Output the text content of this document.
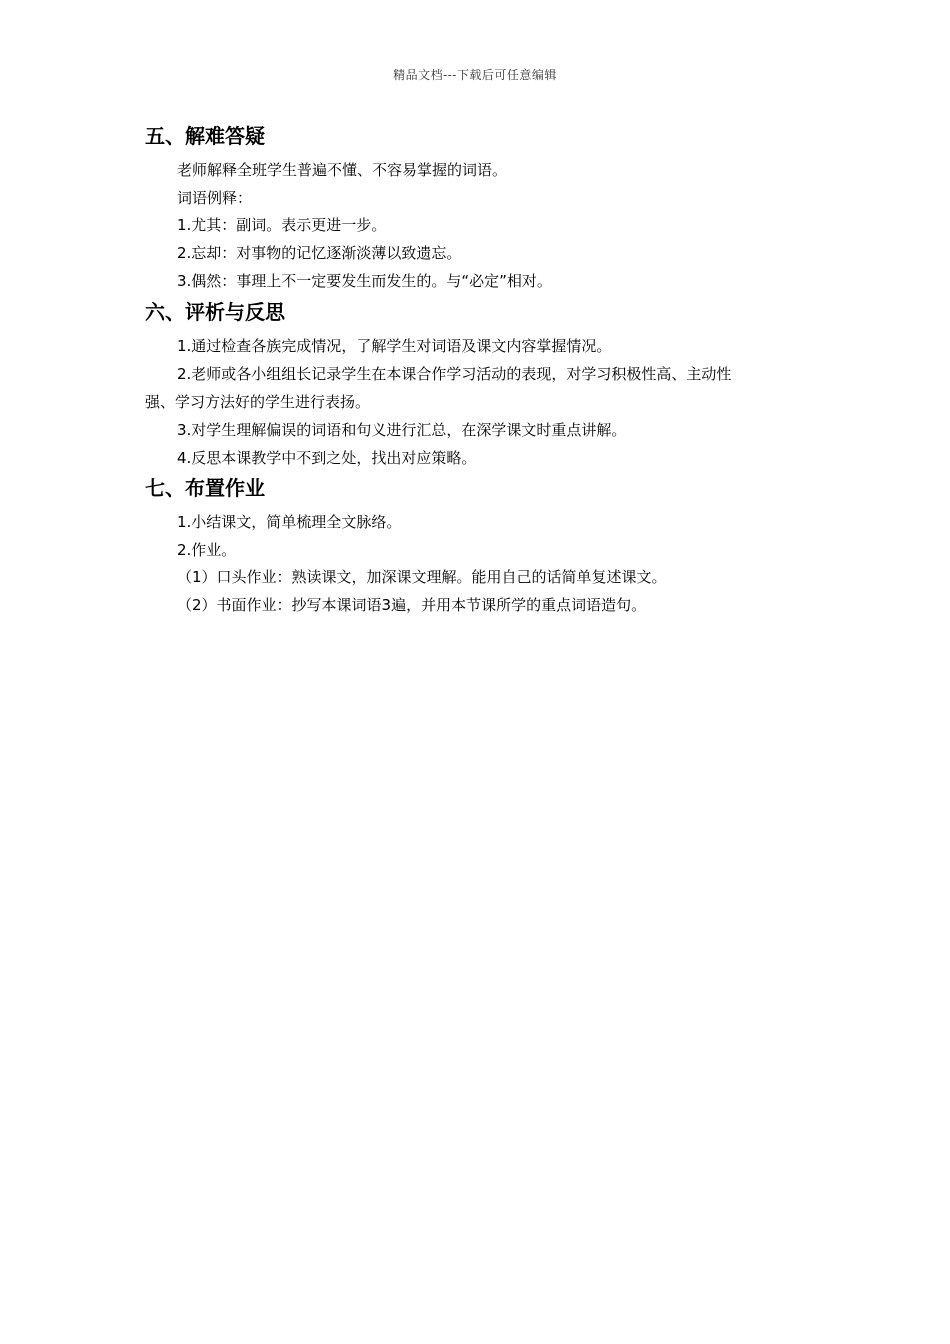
精品文档---下载后可任意编辑
五、解难答疑
老师解释全班学生普遍不懂、不容易掌握的词语。
词语例释：
1.尤其：副词。表示更进一步。
2.忘却：对事物的记忆逐渐淡薄以致遗忘。
3.偶然：事理上不一定要发生而发生的。与“必定”相对。
六、评析与反思
1.通过检查各族完成情况，了解学生对词语及课文内容掌握情况。
2.老师或各小组组长记录学生在本课合作学习活动的表现，对学习积极性高、主动性
强、学习方法好的学生进行表扬。
3.对学生理解偏误的词语和句义进行汇总，在深学课文时重点讲解。
4.反思本课教学中不到之处，找出对应策略。
七、布置作业
1.小结课文，简单梳理全文脉络。
2.作业。
（1）口头作业：熟读课文，加深课文理解。能用自己的话简单复述课文。
（2）书面作业：抄写本课词语3遍，并用本节课所学的重点词语造句。
